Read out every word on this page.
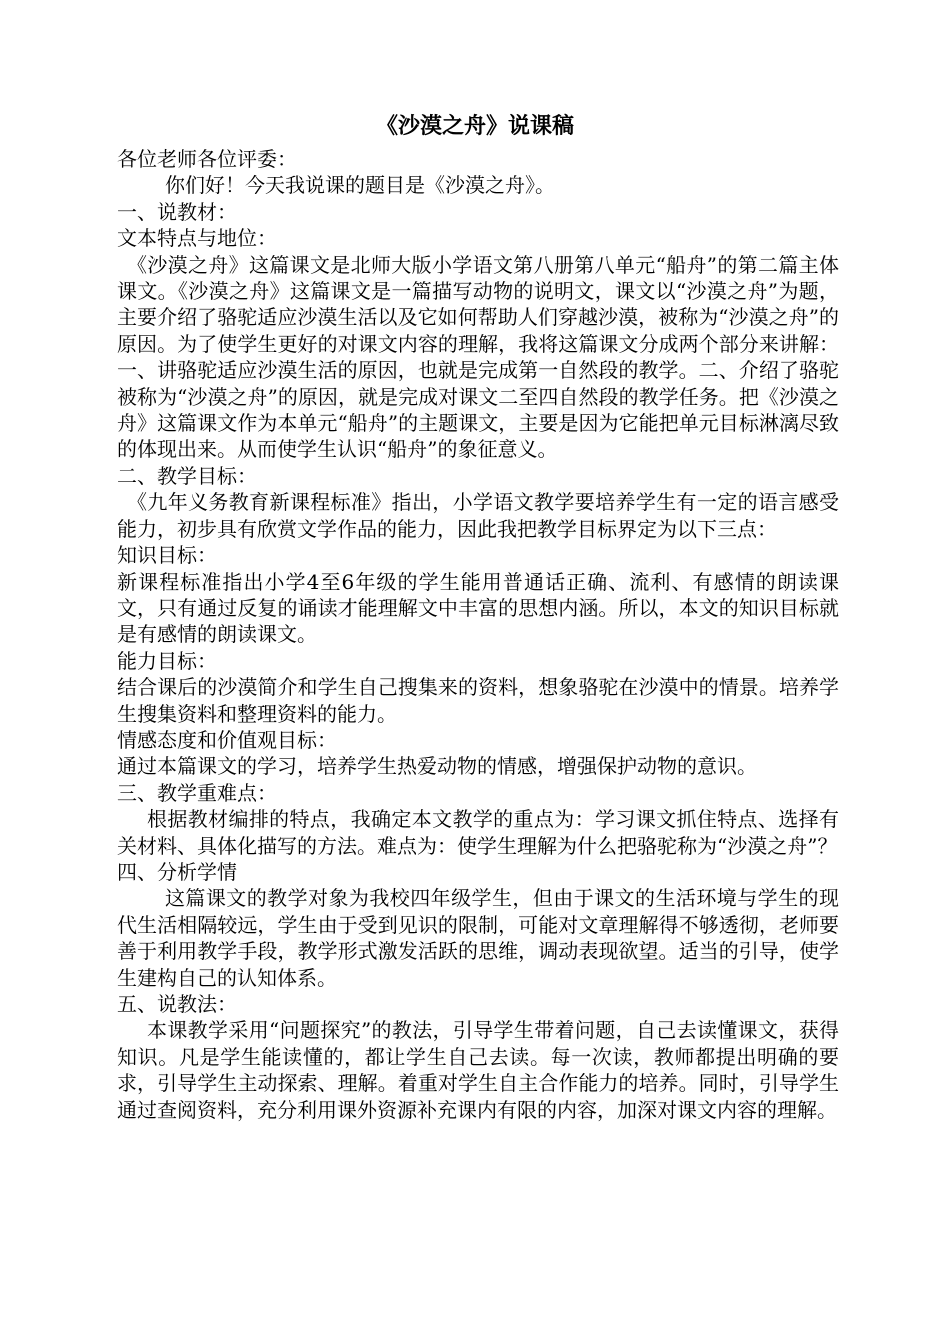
《沙漠之舟》说课稿

各位老师各位评委：

你们好！今天我说课的题目是《沙漠之舟》。

一、说教材：

文本特点与地位：

《沙漠之舟》这篇课文是北师大版小学语文第八册第八单元“船舟”的第二篇主体课文。《沙漠之舟》这篇课文是一篇描写动物的说明文，课文以“沙漠之舟”为题，主要介绍了骆驼适应沙漠生活以及它如何帮助人们穿越沙漠，被称为“沙漠之舟”的原因。为了使学生更好的对课文内容的理解，我将这篇课文分成两个部分来讲解：一、讲骆驼适应沙漠生活的原因，也就是完成第一自然段的教学。二、介绍了骆驼被称为“沙漠之舟”的原因，就是完成对课文二至四自然段的教学任务。把《沙漠之舟》这篇课文作为本单元“船舟”的主题课文，主要是因为它能把单元目标淋漓尽致的体现出来。从而使学生认识“船舟”的象征意义。

二、教学目标：

《九年义务教育新课程标准》指出，小学语文教学要培养学生有一定的语言感受能力，初步具有欣赏文学作品的能力，因此我把教学目标界定为以下三点：

知识目标：

新课程标准指出小学4至6年级的学生能用普通话正确、流利、有感情的朗读课文，只有通过反复的诵读才能理解文中丰富的思想内涵。所以，本文的知识目标就是有感情的朗读课文。

能力目标：

结合课后的沙漠简介和学生自己搜集来的资料，想象骆驼在沙漠中的情景。培养学生搜集资料和整理资料的能力。

情感态度和价值观目标：

通过本篇课文的学习，培养学生热爱动物的情感，增强保护动物的意识。

三、教学重难点：

根据教材编排的特点，我确定本文教学的重点为：学习课文抓住特点、选择有关材料、具体化描写的方法。难点为：使学生理解为什么把骆驼称为“沙漠之舟”？

四、分析学情

这篇课文的教学对象为我校四年级学生，但由于课文的生活环境与学生的现代生活相隔较远，学生由于受到见识的限制，可能对文章理解得不够透彻，老师要善于利用教学手段，教学形式激发活跃的思维，调动表现欲望。适当的引导，使学生建构自己的认知体系。

五、说教法：

本课教学采用“问题探究”的教法，引导学生带着问题，自己去读懂课文，获得知识。凡是学生能读懂的，都让学生自己去读。每一次读，教师都提出明确的要求，引导学生主动探索、理解。着重对学生自主合作能力的培养。同时，引导学生通过查阅资料，充分利用课外资源补充课内有限的内容，加深对课文内容的理解。
